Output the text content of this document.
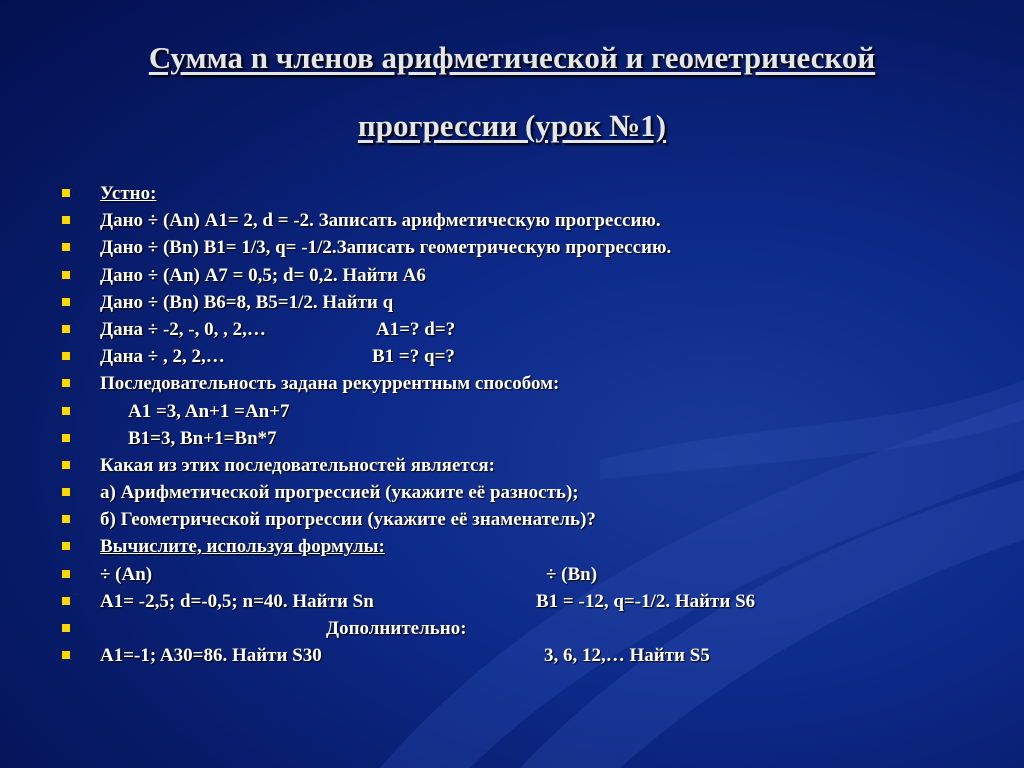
Сумма n членов арифметической и геометрической
прогрессии (урок №1)
Устно:
Дано ÷ (An) A1= 2, d = -2. Записать арифметическую прогрессию.
Дано ÷ (Bn) B1= 1/3, q= -1/2.Записать геометрическую прогрессию.
Дано ÷ (An) A7 = 0,5; d= 0,2. Найти A6
Дано ÷ (Bn) B6=8, B5=1/2. Найти q
Дана ÷ -2, -, 0, , 2,…	A1=? d=?
Дана ÷ , 2, 2,…	B1 =? q=?
Последовательность задана рекуррентным способом:
A1 =3, An+1 =An+7
B1=3, Bn+1=Bn*7
Какая из этих последовательностей является:
а) Арифметической прогрессией (укажите её разность);
б) Геометрической прогрессии (укажите её знаменатель)?
Вычислите, используя формулы:
÷ (An)	÷ (Bn)
A1= -2,5; d=-0,5; n=40. Найти Sn	B1 = -12, q=-1/2. Найти S6
Дополнительно:
A1=-1; A30=86. Найти S30	3, 6, 12,… Найти S5
